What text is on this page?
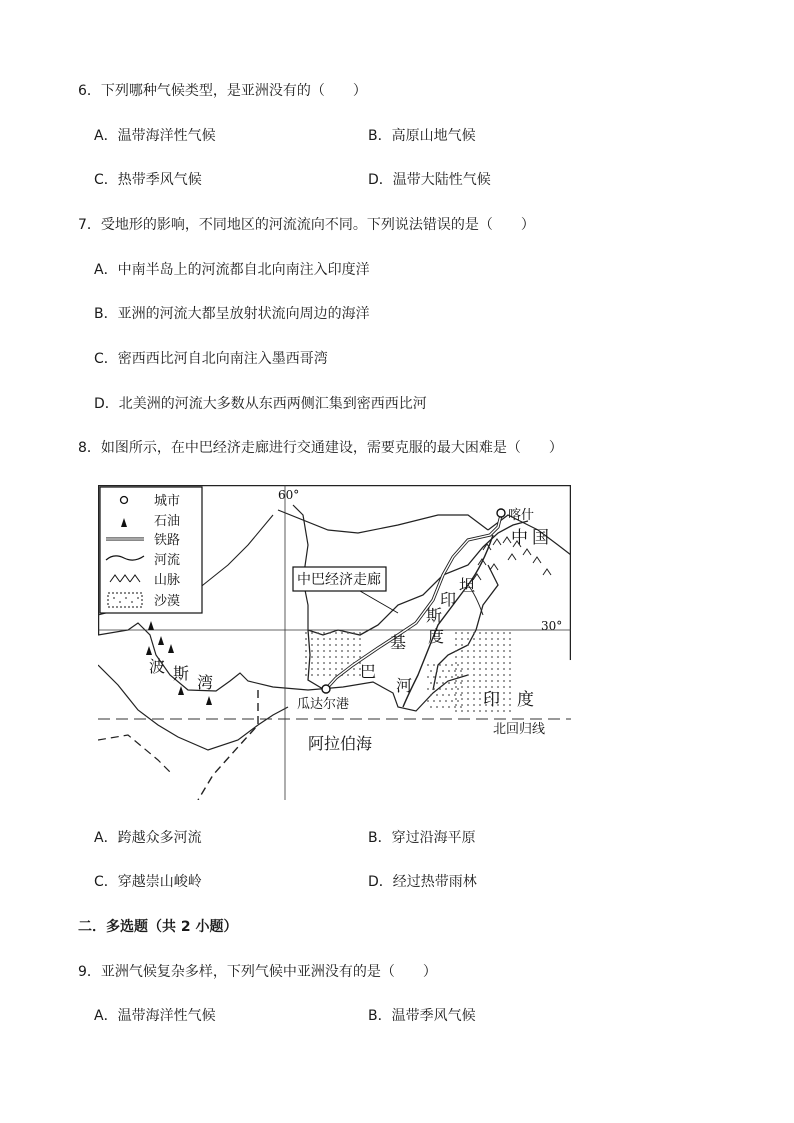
6．下列哪种气候类型，是亚洲没有的（　　）
A．温带海洋性气候	B．高原山地气候
C．热带季风气候	D．温带大陆性气候
7．受地形的影响，不同地区的河流流向不同。下列说法错误的是（　　）
A．中南半岛上的河流都自北向南注入印度洋
B．亚洲的河流大都呈放射状流向周边的海洋
C．密西西比河自北向南注入墨西哥湾
D．北美洲的河流大多数从东西两侧汇集到密西西比河
8．如图所示，在中巴经济走廊进行交通建设，需要克服的最大困难是（　　）
中巴经济走廊
城市
石油
铁路
河流
山脉
沙漠
60°
30°
喀什
中国
印
斯
坦
度
基
巴
河
波 斯 湾
瓜达尔港	印　度
北回归线
阿拉伯海
A．跨越众多河流	B．穿过沿海平原
C．穿越崇山峻岭	D．经过热带雨林
二．多选题（共 2 小题）
9．亚洲气候复杂多样，下列气候中亚洲没有的是（　　）
A．温带海洋性气候	B．温带季风气候
